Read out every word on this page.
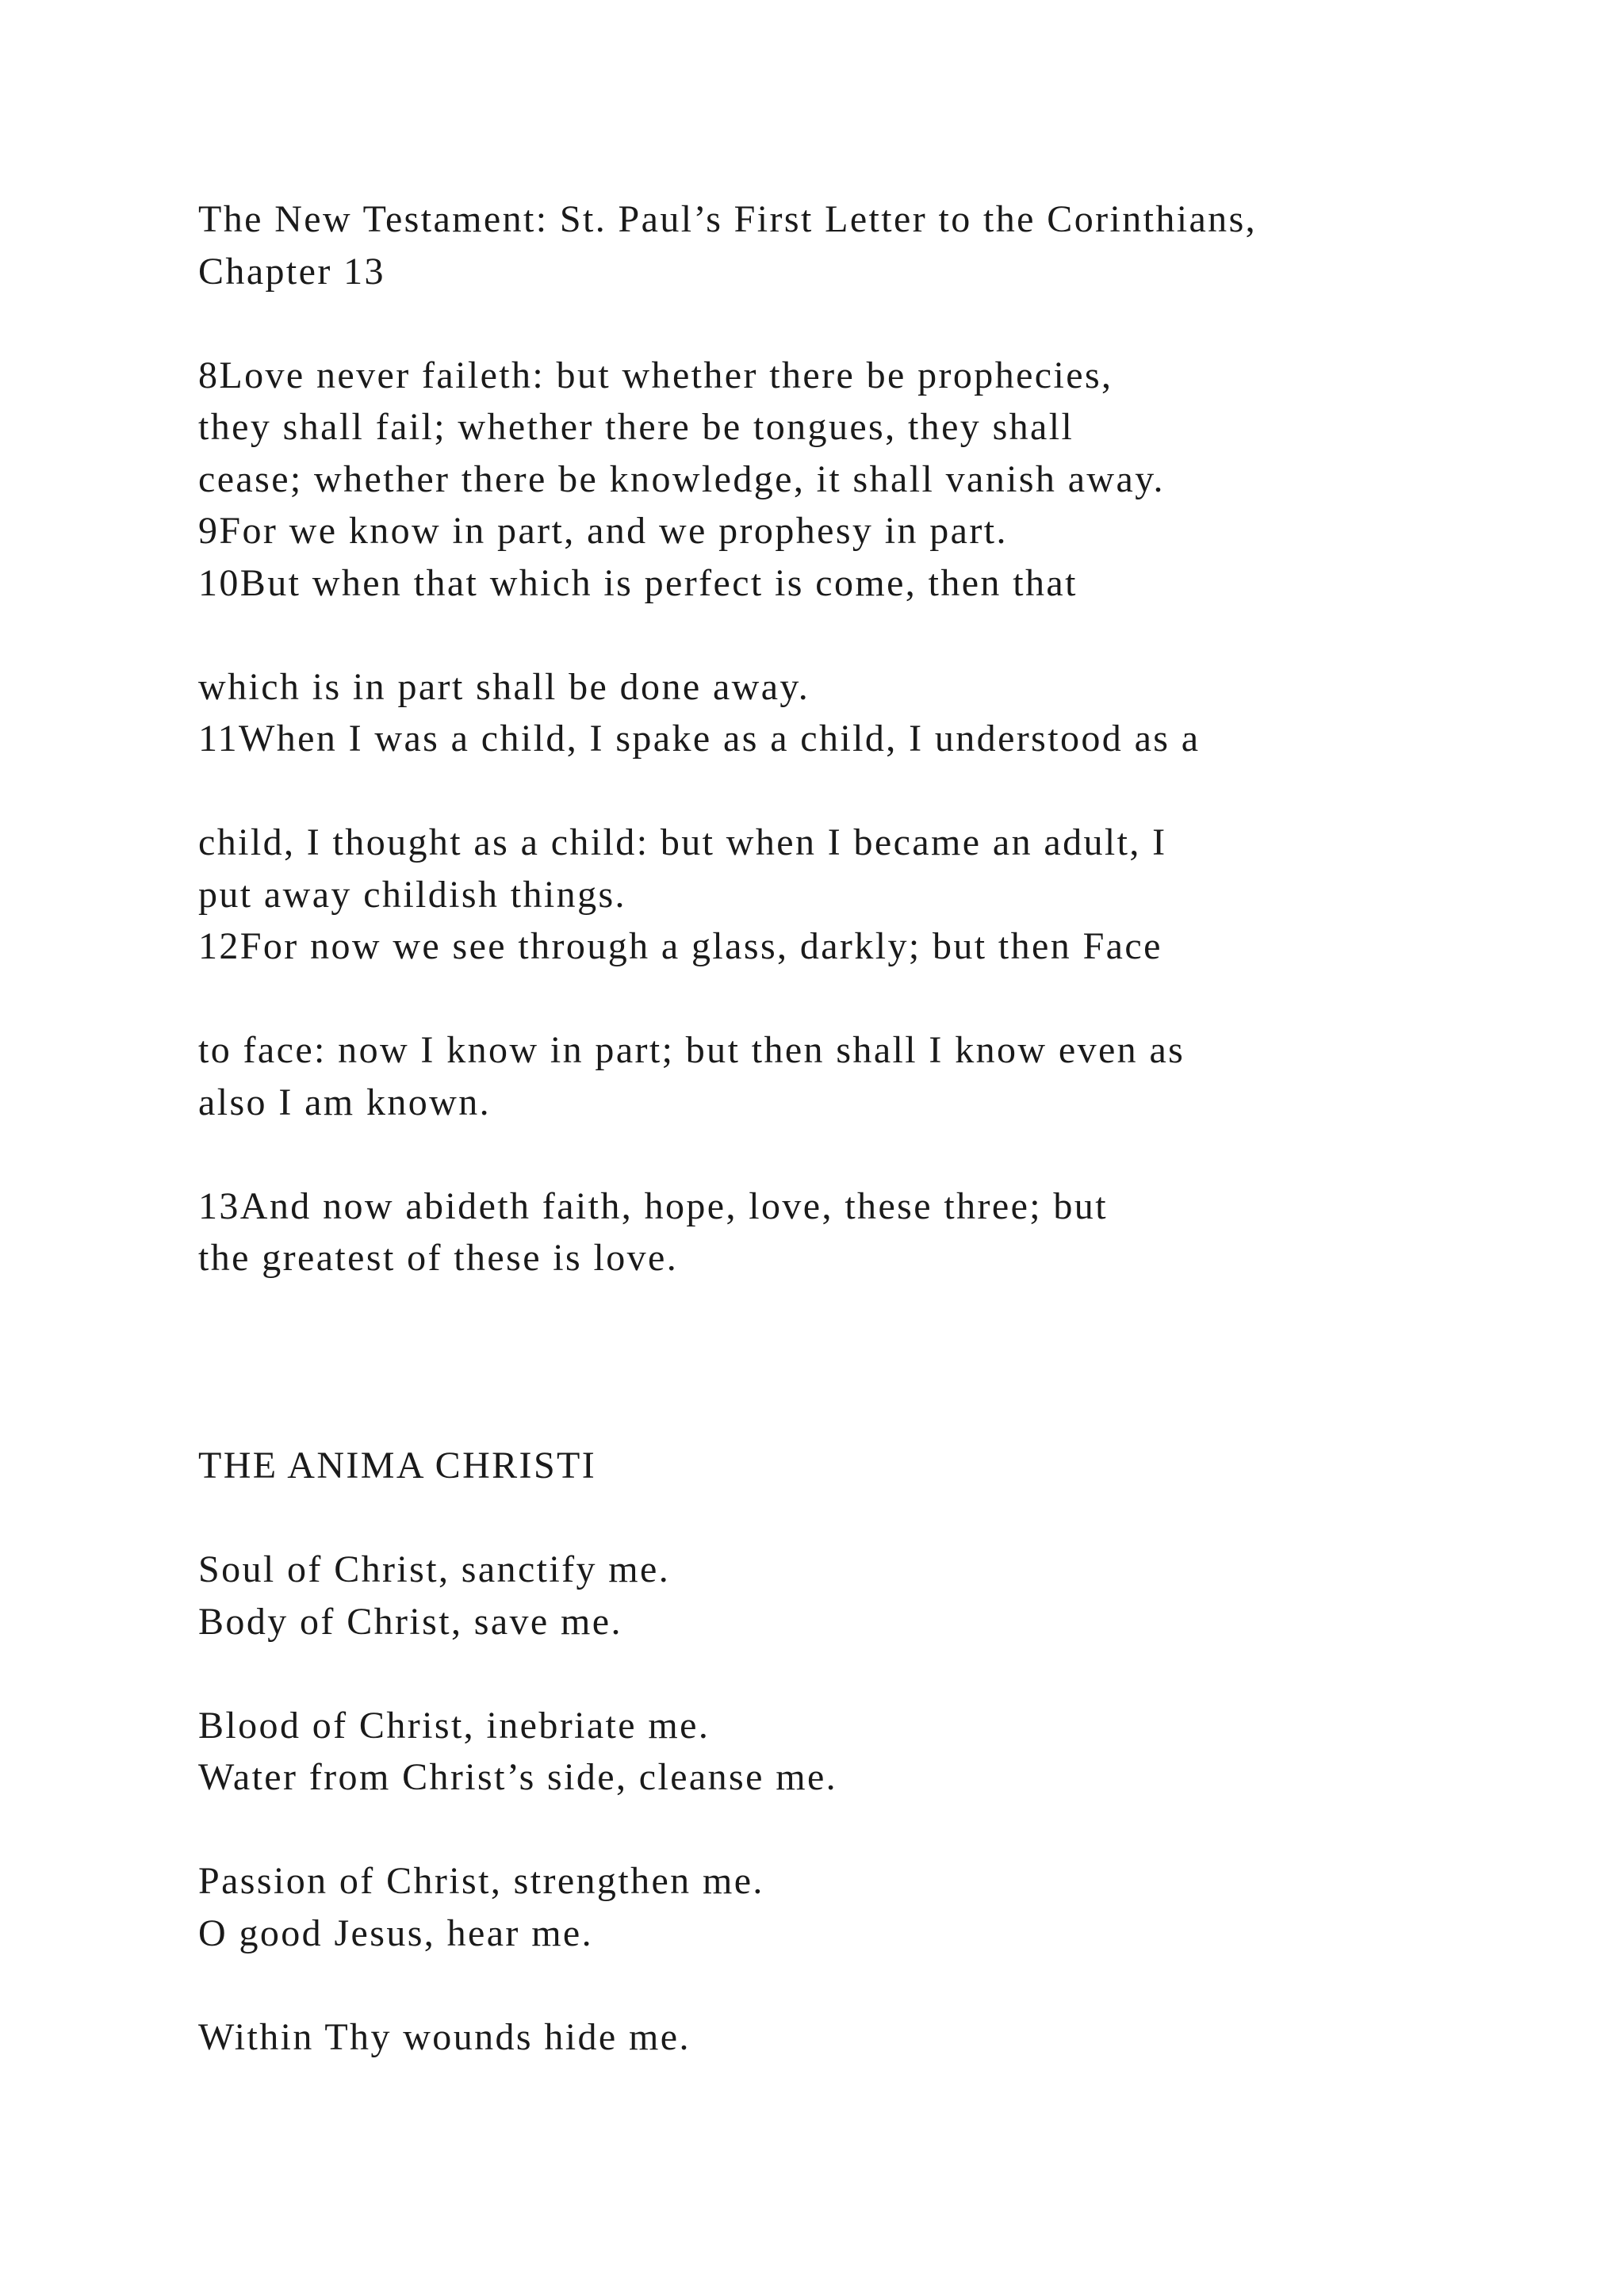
The New Testament: St. Paul’s First Letter to the Corinthians,
Chapter 13
8Love never faileth: but whether there be prophecies,
they shall fail; whether there be tongues, they shall
cease; whether there be knowledge, it shall vanish away.
9For we know in part, and we prophesy in part.
10But when that which is perfect is come, then that
which is in part shall be done away.
11When I was a child, I spake as a child, I understood as a
child, I thought as a child: but when I became an adult, I
put away childish things.
12For now we see through a glass, darkly; but then Face
to face: now I know in part; but then shall I know even as
also I am known.
13And now abideth faith, hope, love, these three; but
the greatest of these is love.
THE ANIMA CHRISTI
Soul of Christ, sanctify me.
Body of Christ, save me.
Blood of Christ, inebriate me.
Water from Christ’s side, cleanse me.
Passion of Christ, strengthen me.
O good Jesus, hear me.
Within Thy wounds hide me.
